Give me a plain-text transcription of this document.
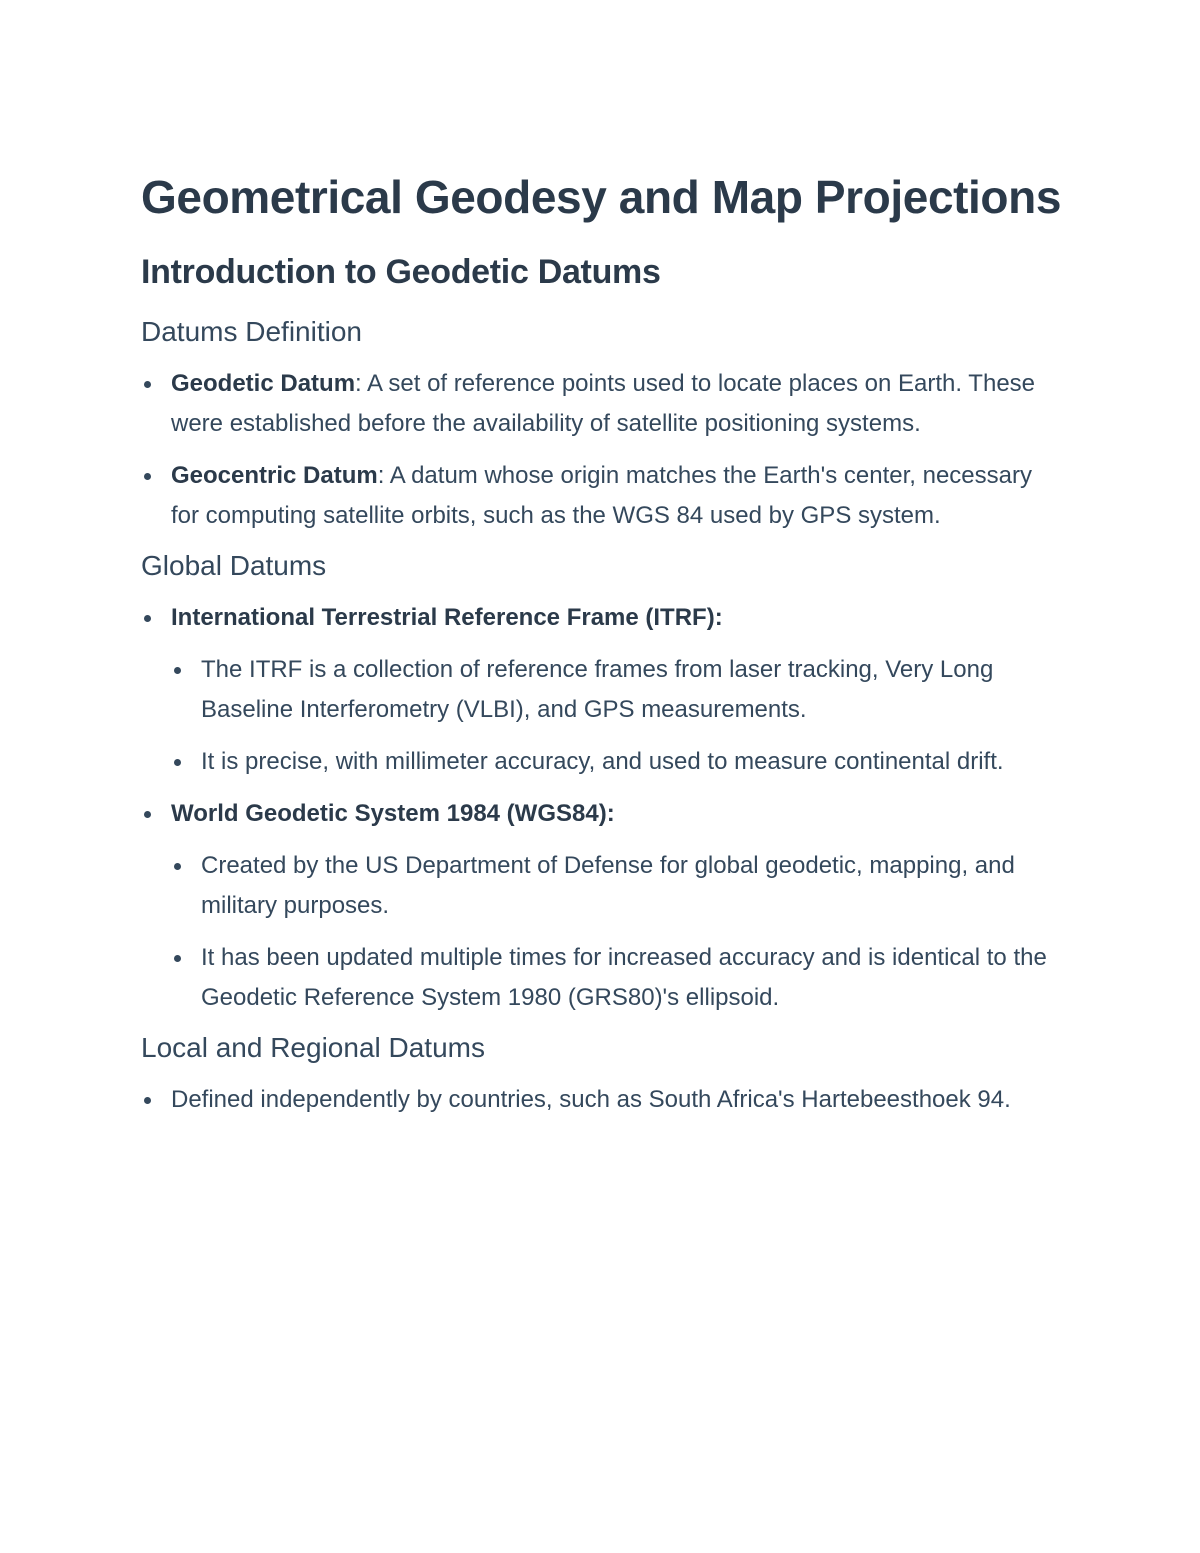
Geometrical Geodesy and Map Projections
Introduction to Geodetic Datums
Datums Definition
Geodetic Datum: A set of reference points used to locate places on Earth. These were established before the availability of satellite positioning systems.
Geocentric Datum: A datum whose origin matches the Earth's center, necessary for computing satellite orbits, such as the WGS 84 used by GPS system.
Global Datums
International Terrestrial Reference Frame (ITRF):
The ITRF is a collection of reference frames from laser tracking, Very Long Baseline Interferometry (VLBI), and GPS measurements.
It is precise, with millimeter accuracy, and used to measure continental drift.
World Geodetic System 1984 (WGS84):
Created by the US Department of Defense for global geodetic, mapping, and military purposes.
It has been updated multiple times for increased accuracy and is identical to the Geodetic Reference System 1980 (GRS80)'s ellipsoid.
Local and Regional Datums
Defined independently by countries, such as South Africa's Hartebeesthoek 94.
